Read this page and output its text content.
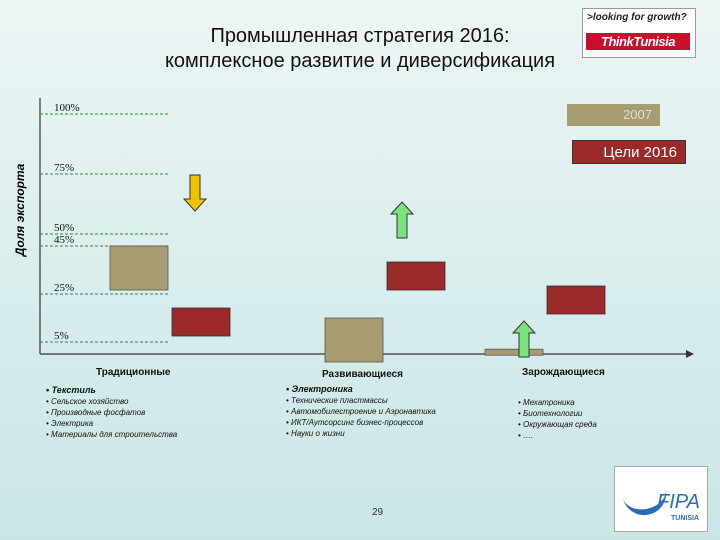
Промышленная стратегия 2016:
комплексное развитие и диверсификация
>looking for growth?
ThinkTunisia
Доля экспорта
100%
75%
50%
45%
25%
5%
2007
Цели 2016
Традиционные
• Текстиль
• Сельское хозяйство
• Производные фосфатов
• Электрика
• Материалы для строительства
Развивающиеся
• Электроника
• Технические пластмассы
• Автомобилестроение и Аэронавтика
• ИКТ/Аутсорсинг бизнес-процессов
• Науки о жизни
Зарождающиеся
• Мехатроника
• Биотехнологии
• Окружающая среда
• ….
29	FIPA
TUNISIA
